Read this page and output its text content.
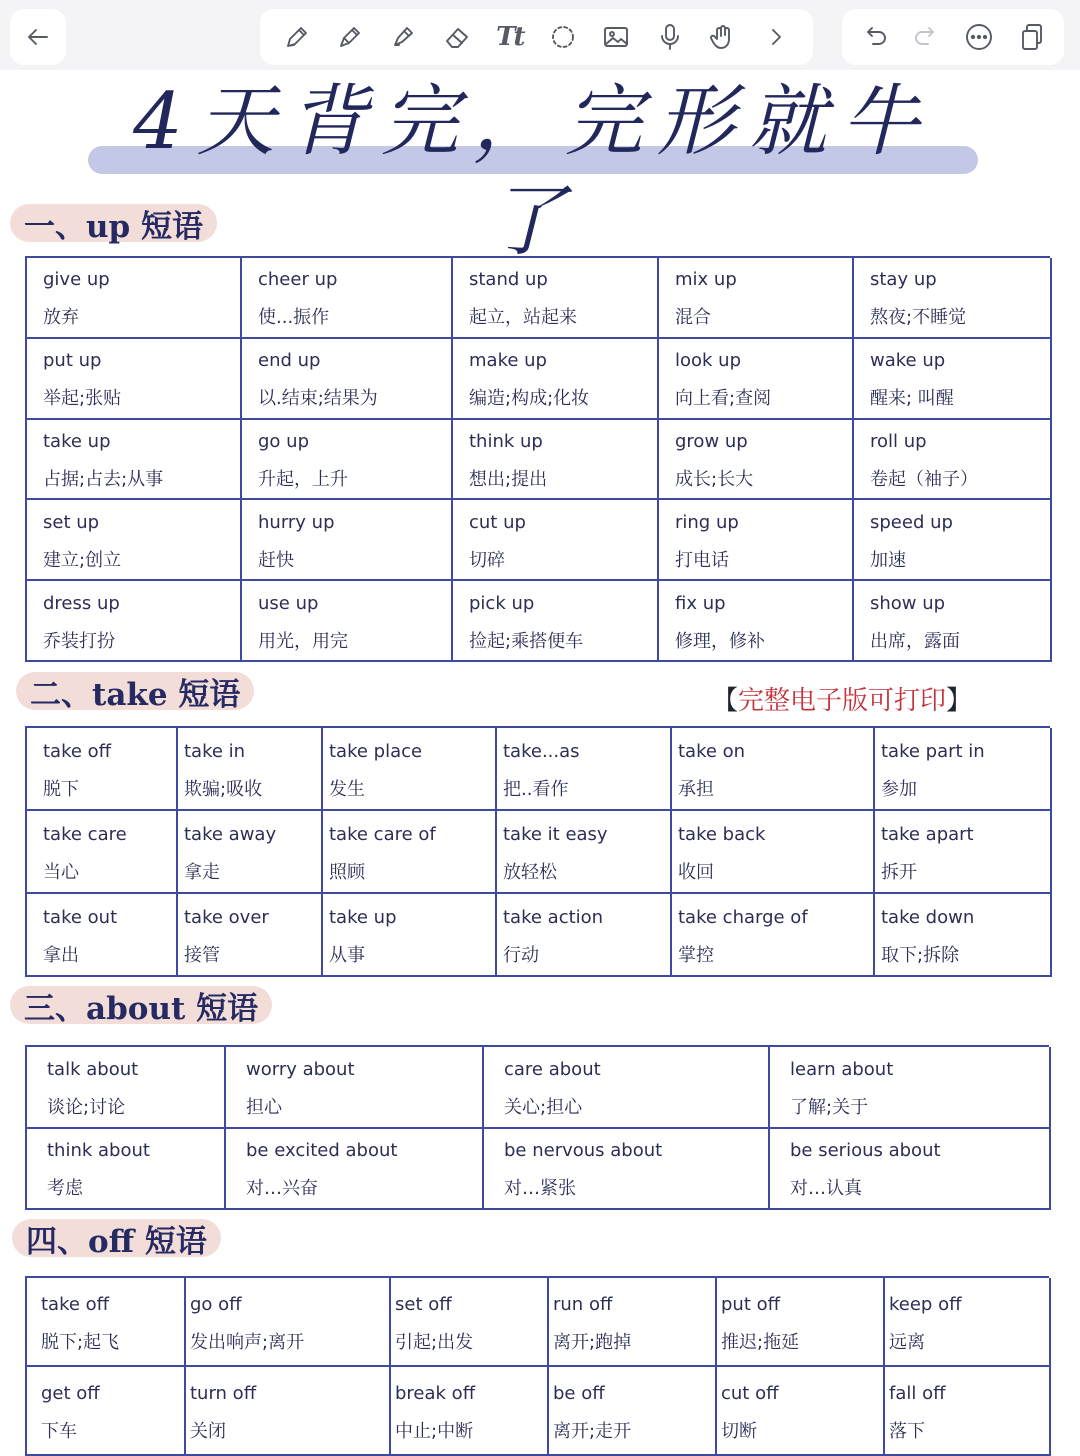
Tt
4天背完，完形就牛了
一、up 短语
give up
放弃
cheer up
使...振作
stand up
起立，站起来
mix up
混合
stay up
熬夜;不睡觉
put up
举起;张贴
end up
以.结束;结果为
make up
编造;构成;化妆
look up
向上看;查阅
wake up
醒来; 叫醒
take up
占据;占去;从事
go up
升起，上升
think up
想出;提出
grow up
成长;长大
roll up
卷起（袖子）
set up
建立;创立
hurry up
赶快
cut up
切碎
ring up
打电话
speed up
加速
dress up
乔装打扮
use up
用光，用完
pick up
捡起;乘搭便车
fix up
修理，修补
show up
出席，露面
二、take 短语	【完整电子版可打印】
take off
脱下
take in
欺骗;吸收
take place
发生
take...as
把..看作
take on
承担
take part in
参加
take care
当心
take away
拿走
take care of
照顾
take it easy
放轻松
take back
收回
take apart
拆开
take out
拿出
take over
接管
take up
从事
take action
行动
take charge of
掌控
take down
取下;拆除
三、about 短语
talk about
谈论;讨论
worry about
担心
care about
关心;担心
learn about
了解;关于
think about
考虑
be excited about
对…兴奋
be nervous about
对…紧张
be serious about
对…认真
四、off 短语
take off
脱下;起飞
go off
发出响声;离开
set off
引起;出发
run off
离开;跑掉
put off
推迟;拖延
keep off
远离
get off
下车
turn off
关闭
break off
中止;中断
be off
离开;走开
cut off
切断
fall off
落下
